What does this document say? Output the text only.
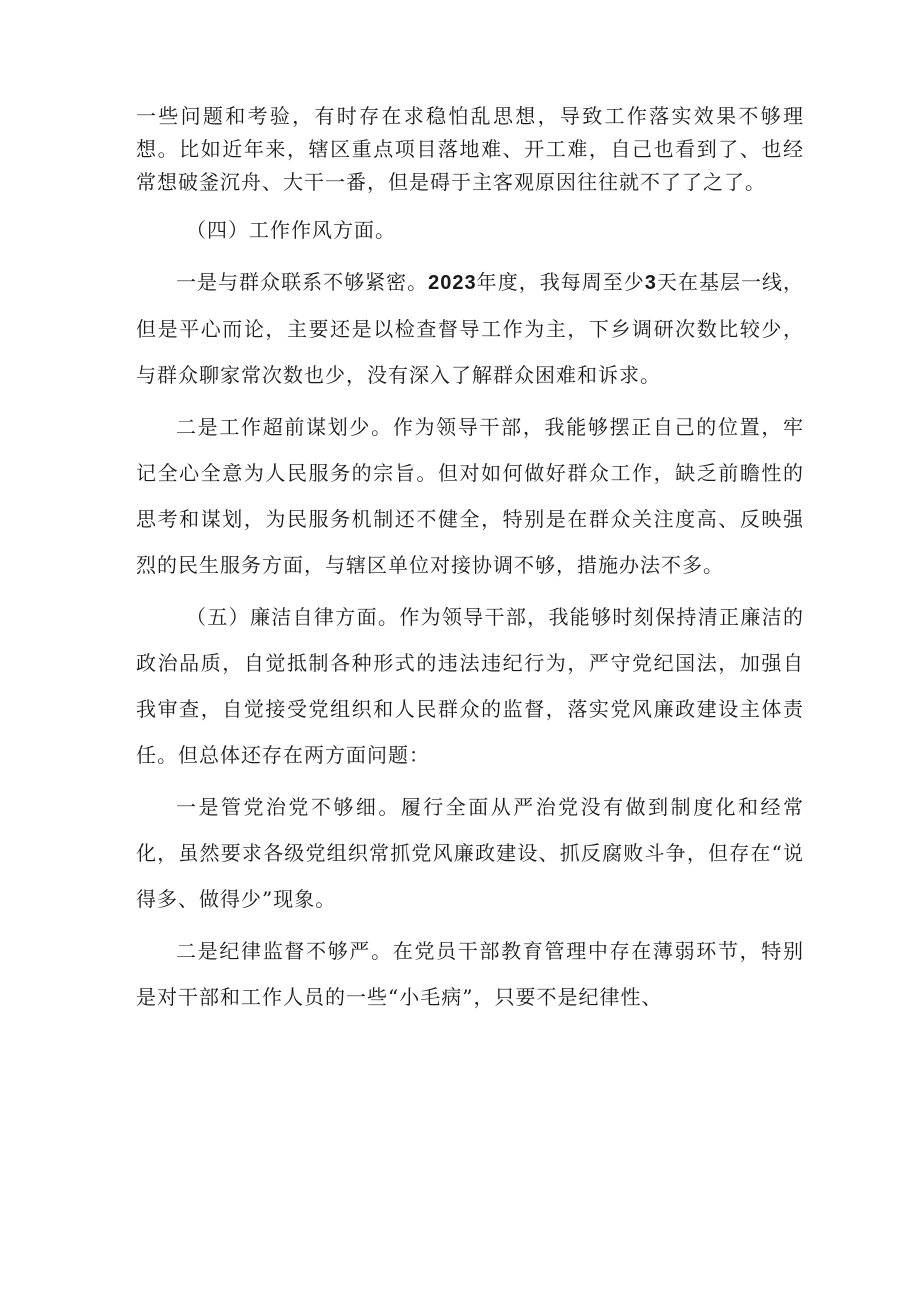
一些问题和考验，有时存在求稳怕乱思想，导致工作落实效果不够理想。比如近年来，辖区重点项目落地难、开工难，自己也看到了、也经常想破釜沉舟、大干一番，但是碍于主客观原因往往就不了了之了。

（四）工作作风方面。

一是与群众联系不够紧密。2023年度，我每周至少3天在基层一线，但是平心而论，主要还是以检查督导工作为主，下乡调研次数比较少，与群众聊家常次数也少，没有深入了解群众困难和诉求。

二是工作超前谋划少。作为领导干部，我能够摆正自己的位置，牢记全心全意为人民服务的宗旨。但对如何做好群众工作，缺乏前瞻性的思考和谋划，为民服务机制还不健全，特别是在群众关注度高、反映强烈的民生服务方面，与辖区单位对接协调不够，措施办法不多。

（五）廉洁自律方面。作为领导干部，我能够时刻保持清正廉洁的政治品质，自觉抵制各种形式的违法违纪行为，严守党纪国法，加强自我审查，自觉接受党组织和人民群众的监督，落实党风廉政建设主体责任。但总体还存在两方面问题：

一是管党治党不够细。履行全面从严治党没有做到制度化和经常化，虽然要求各级党组织常抓党风廉政建设、抓反腐败斗争，但存在“说得多、做得少”现象。

二是纪律监督不够严。在党员干部教育管理中存在薄弱环节，特别是对干部和工作人员的一些“小毛病”，只要不是纪律性、
